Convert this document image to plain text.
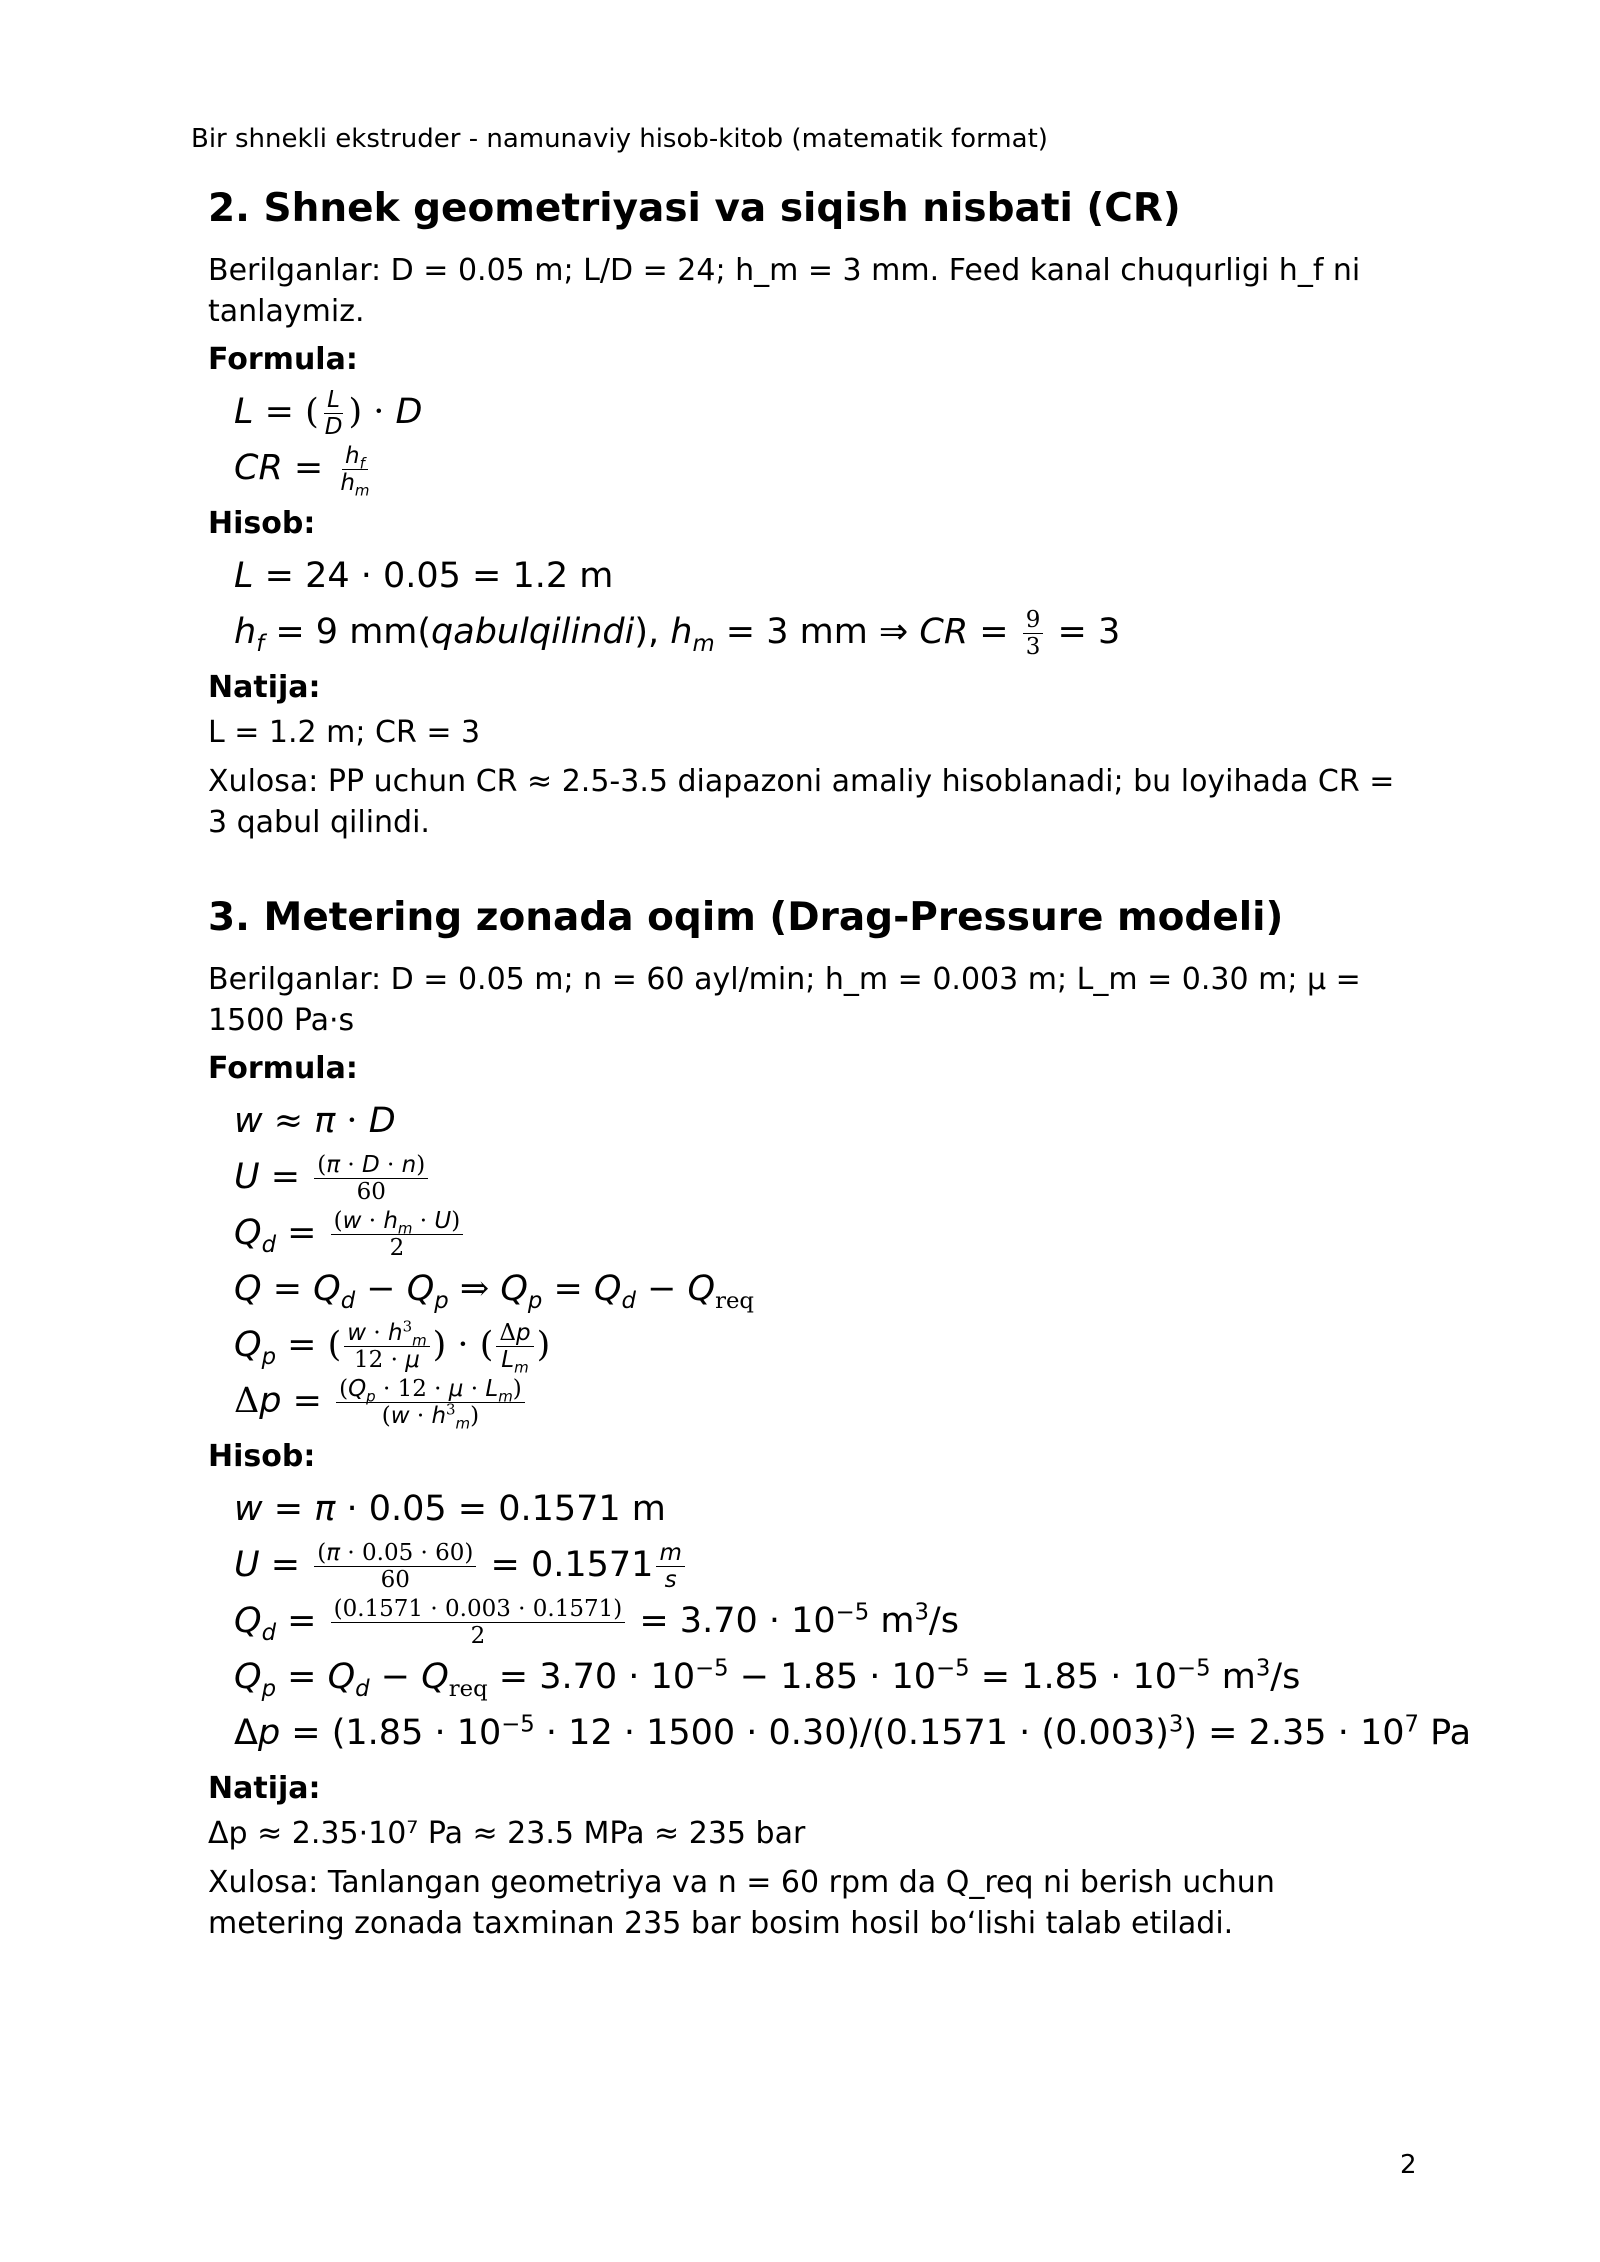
Bir shnekli ekstruder - namunaviy hisob-kitob (matematik format)
2. Shnek geometriyasi va siqish nisbati (CR)

Berilganlar: D = 0.05 m; L/D = 24; h_m = 3 mm. Feed kanal chuqurligi h_f ni tanlaymiz.

Formula:
L = ( $\frac{L}{D}$ ) · D
CR = $\frac{h_f}{h_m}$
Hisob:
L = 24 · 0.05 = 1.2 m
$h_f = 9$ mm(qabulqilindi), $h_m = 3$ mm ⇒ CR = $\frac{9}{3} = 3$
Natija:

L = 1.2 m; CR = 3

Xulosa: PP uchun CR ≈ 2.5-3.5 diapazoni amaliy hisoblanadi; bu loyihada CR = 3 qabul qilindi.

3. Metering zonada oqim (Drag-Pressure modeli)

Berilganlar: D = 0.05 m; n = 60 ayl/min; h_m = 0.003 m; L_m = 0.30 m; μ = 1500 Pa·s

Formula:
w ≈ π · D
$U = \frac{(\pi \cdot D \cdot n)}{60}$
$Q_d = \frac{(w \cdot h_m \cdot U)}{2}$
$Q = Q_d - Q_p$ ⇒ $Q_p = Q_d - Q_{req}$
$Q_p$ = ( $\frac{w \cdot h^3_m}{12 \cdot \mu}$ ) · ( $\frac{\Delta p}{L_m}$ )
$\Delta p = \frac{(Q_p \cdot 12 \cdot \mu \cdot L_m)}{(w \cdot h^3_m)}$
Hisob:
w = π · 0.05 = 0.1571 m
$U = \frac{(\pi \cdot 0.05 \cdot 60)}{60} = 0.1571 \frac{m}{s}$
$Q_d = \frac{(0.1571 \cdot 0.003 \cdot 0.1571)}{2} = 3.70 \cdot 10^{-5}$ $m^3/s$
$Q_p = Q_d - Q_{req} = 3.70 \cdot 10^{-5} - 1.85 \cdot 10^{-5} = 1.85 \cdot 10^{-5}$ $m^3/s$
$\Delta p = (1.85 \cdot 10^{-5} \cdot 12 \cdot 1500 \cdot 0.30)/(0.1571 \cdot (0.003)^3) = 2.35 \cdot 10^7$ Pa
Natija:

Δp ≈ 2.35·10⁷ Pa ≈ 23.5 MPa ≈ 235 bar

Xulosa: Tanlangan geometriya va n = 60 rpm da Q_req ni berish uchun metering zonada taxminan 235 bar bosim hosil bo‘lishi talab etiladi.

2
